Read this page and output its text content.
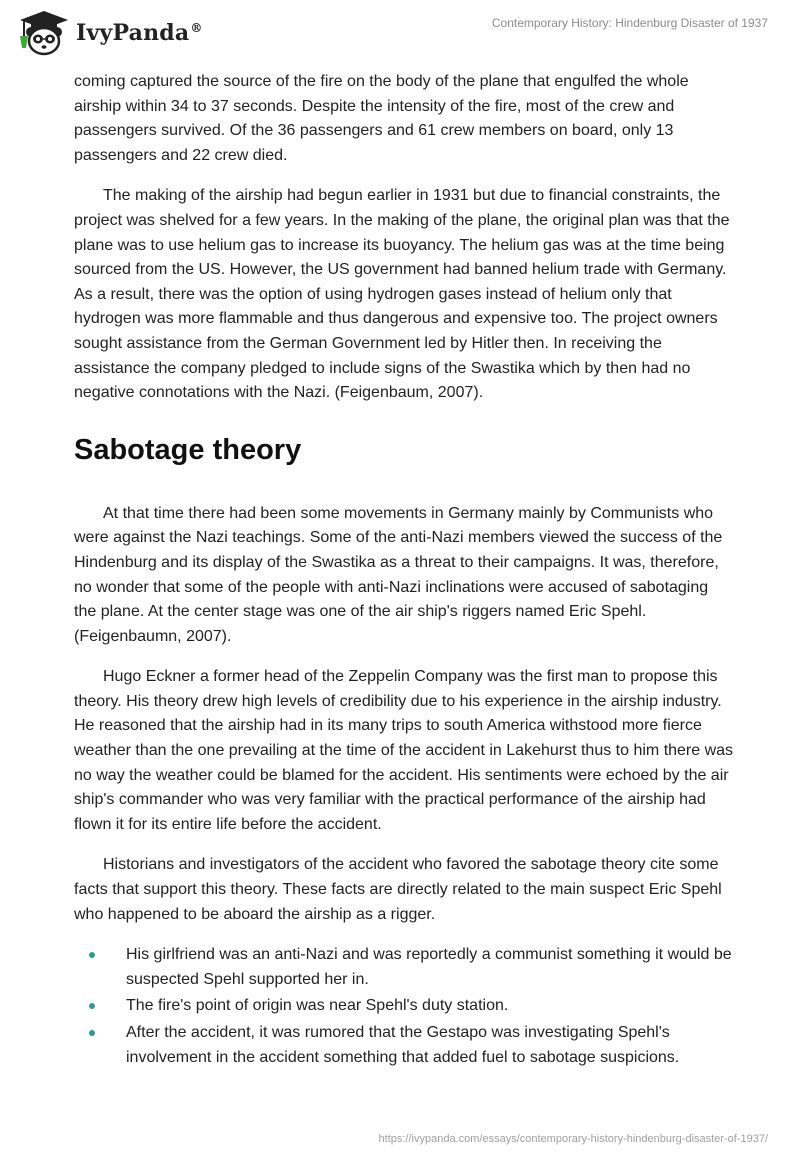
IvyPanda®	Contemporary History: Hindenburg Disaster of 1937

coming captured the source of the fire on the body of the plane that engulfed the whole airship within 34 to 37 seconds. Despite the intensity of the fire, most of the crew and passengers survived. Of the 36 passengers and 61 crew members on board, only 13 passengers and 22 crew died.

The making of the airship had begun earlier in 1931 but due to financial constraints, the project was shelved for a few years. In the making of the plane, the original plan was that the plane was to use helium gas to increase its buoyancy. The helium gas was at the time being sourced from the US. However, the US government had banned helium trade with Germany. As a result, there was the option of using hydrogen gases instead of helium only that hydrogen was more flammable and thus dangerous and expensive too. The project owners sought assistance from the German Government led by Hitler then. In receiving the assistance the company pledged to include signs of the Swastika which by then had no negative connotations with the Nazi. (Feigenbaum, 2007).

Sabotage theory

At that time there had been some movements in Germany mainly by Communists who were against the Nazi teachings. Some of the anti-Nazi members viewed the success of the Hindenburg and its display of the Swastika as a threat to their campaigns. It was, therefore, no wonder that some of the people with anti-Nazi inclinations were accused of sabotaging the plane. At the center stage was one of the air ship's riggers named Eric Spehl. (Feigenbaumn, 2007).

Hugo Eckner a former head of the Zeppelin Company was the first man to propose this theory. His theory drew high levels of credibility due to his experience in the airship industry. He reasoned that the airship had in its many trips to south America withstood more fierce weather than the one prevailing at the time of the accident in Lakehurst thus to him there was no way the weather could be blamed for the accident. His sentiments were echoed by the air ship's commander who was very familiar with the practical performance of the airship had flown it for its entire life before the accident.

Historians and investigators of the accident who favored the sabotage theory cite some facts that support this theory. These facts are directly related to the main suspect Eric Spehl who happened to be aboard the airship as a rigger.

His girlfriend was an anti-Nazi and was reportedly a communist something it would be suspected Spehl supported her in.
The fire's point of origin was near Spehl's duty station.
After the accident, it was rumored that the Gestapo was investigating Spehl's involvement in the accident something that added fuel to sabotage suspicions.
https://ivypanda.com/essays/contemporary-history-hindenburg-disaster-of-1937/
